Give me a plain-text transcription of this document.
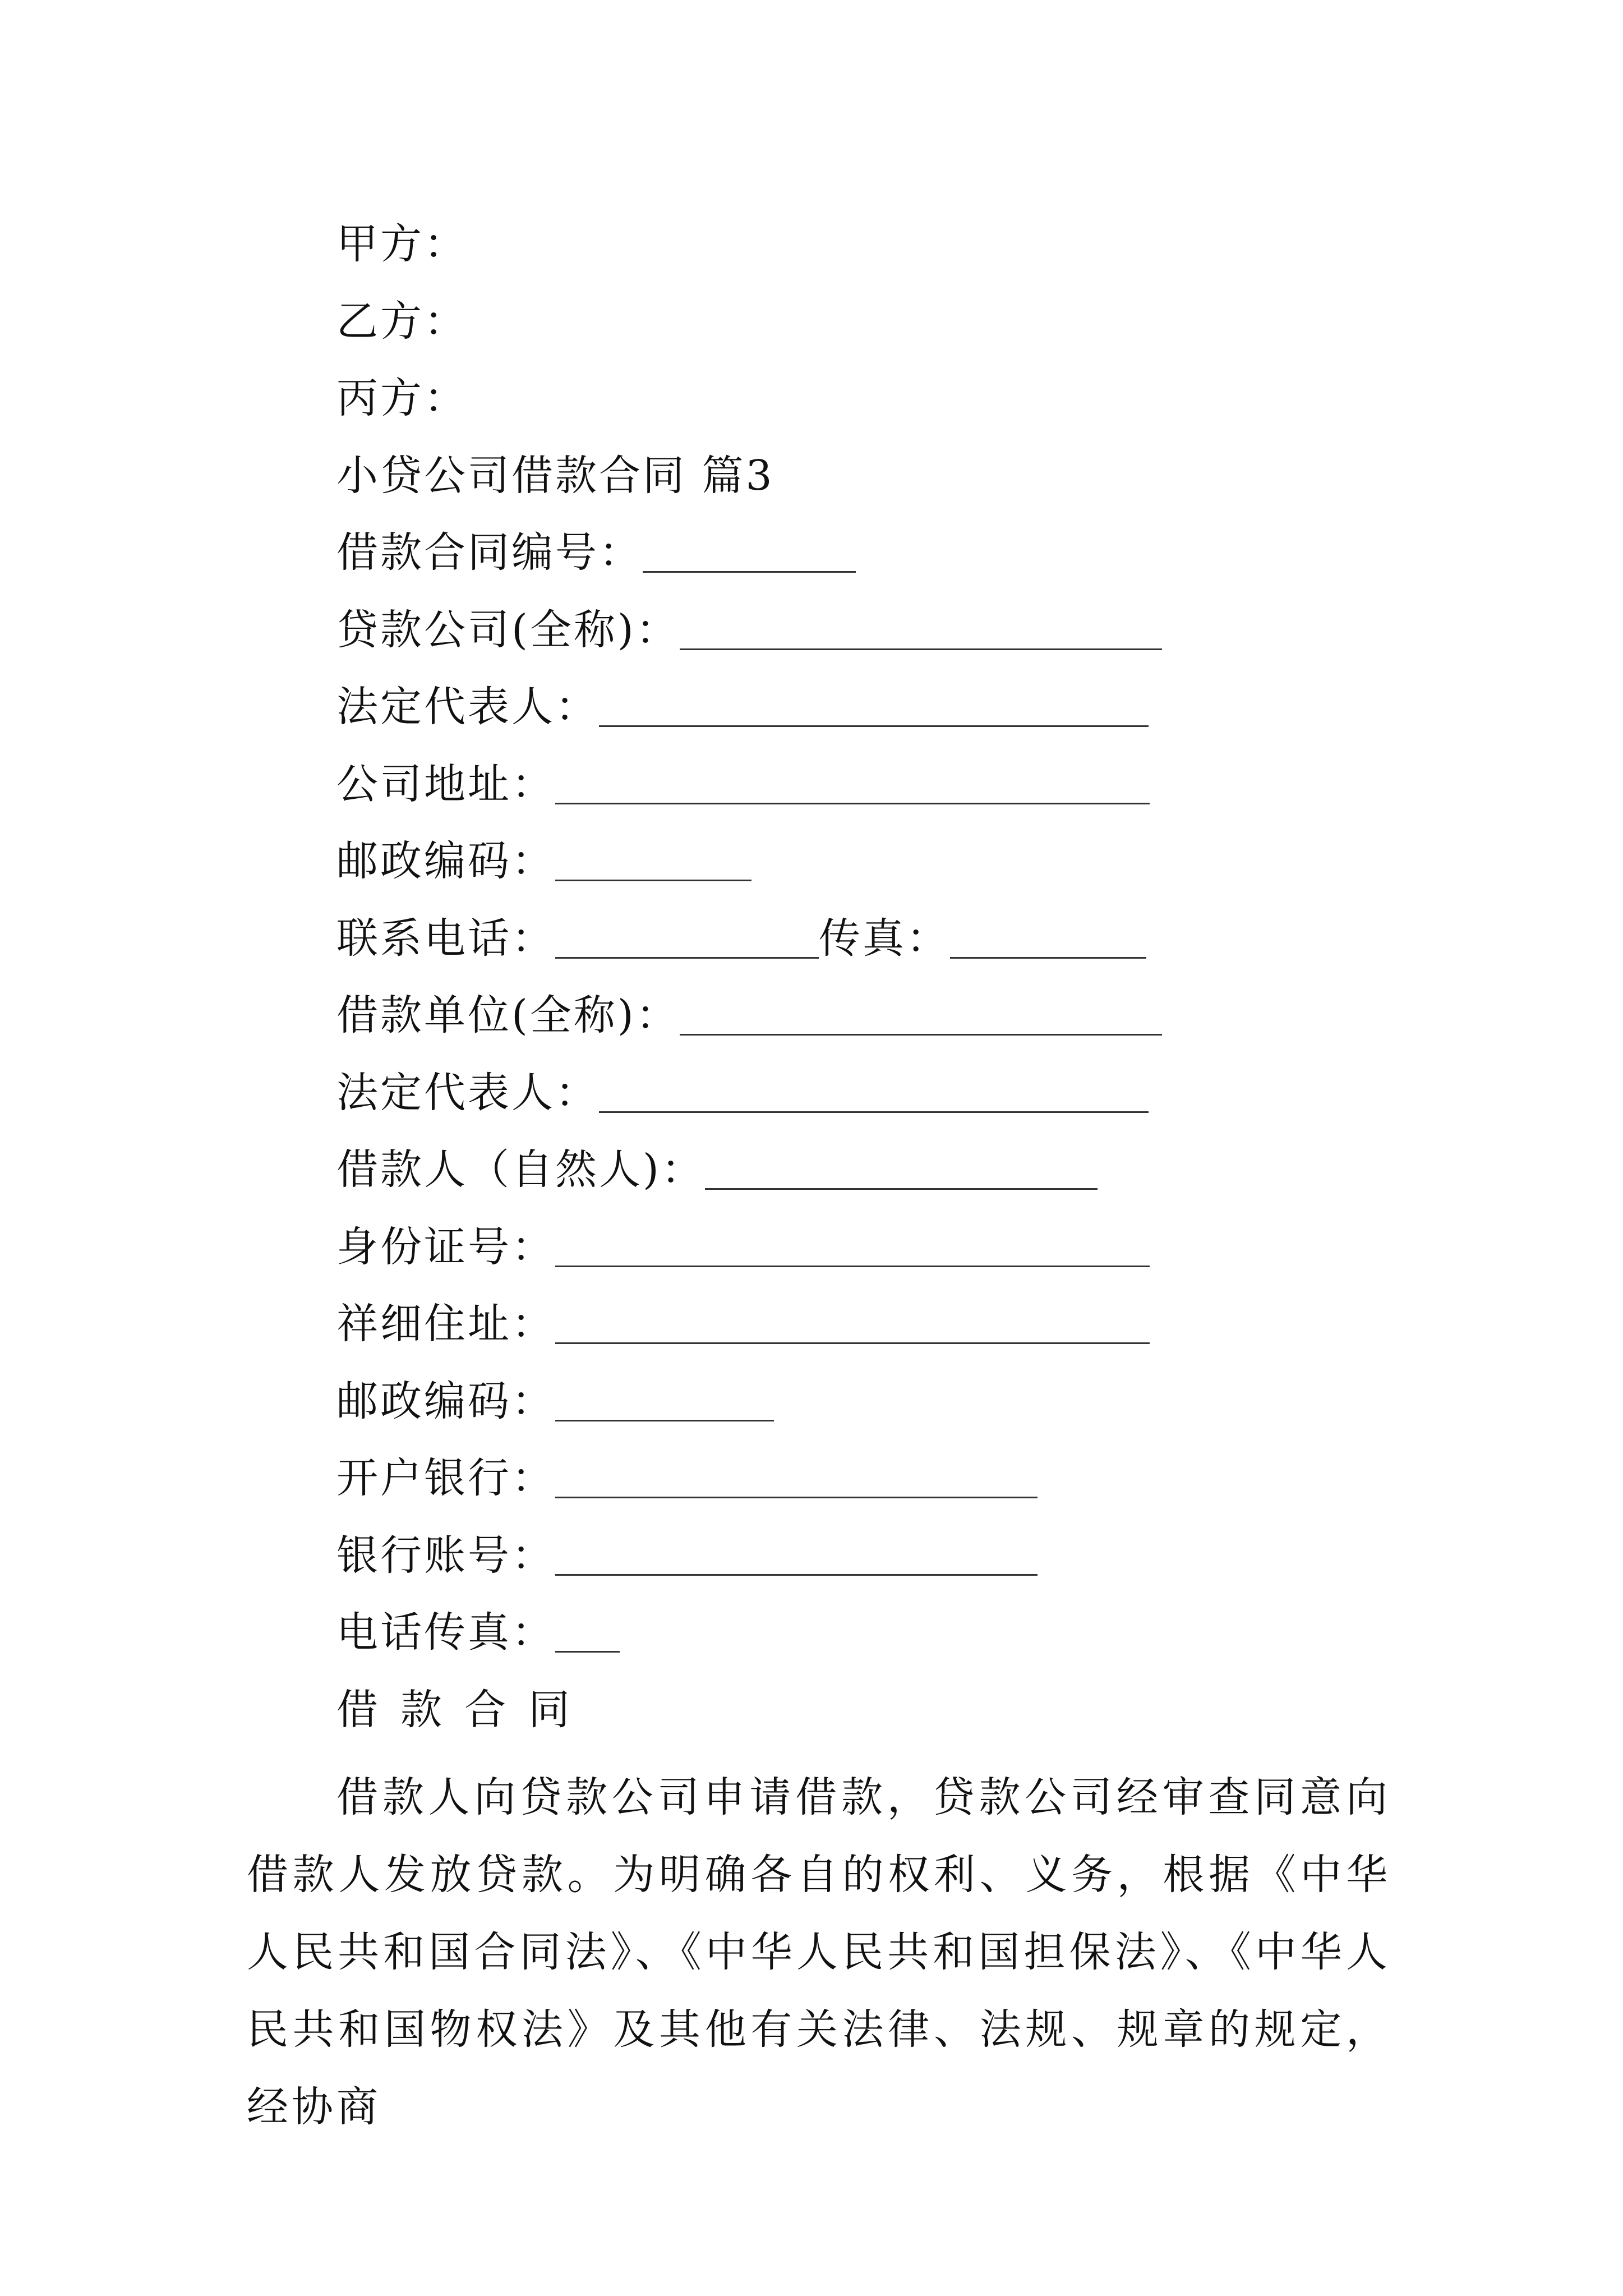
甲方：
乙方：
丙方：
小贷公司借款合同 篇3
借款合同编号：
贷款公司(全称)：
法定代表人：
公司地址：
邮政编码：
联系电话：	传真：
借款单位(全称)：
法定代表人：
借款人（自然人)：
身份证号：
祥细住址：
邮政编码：
开户银行：
银行账号：
电话传真：
借款合同
借款人向贷款公司申请借款，贷款公司经审查同意向借款人发放贷款。为明确各自的权利、义务，根据《中华人民共和国合同法》、《中华人民共和国担保法》、《中华人民共和国物权法》及其他有关法律、法规、规章的规定，经协商
